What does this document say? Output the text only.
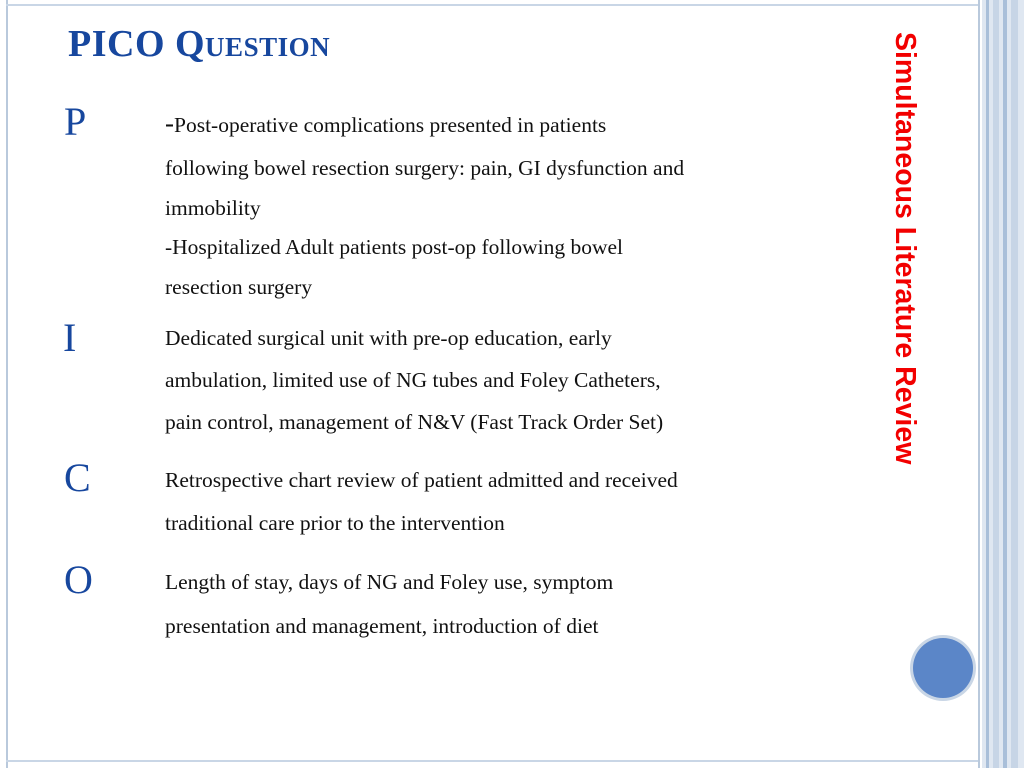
PICO Question
P	-Post-operative complications presented in patients
following bowel resection surgery: pain, GI dysfunction and
immobility
-Hospitalized Adult patients post-op following bowel
resection surgery
I	Dedicated surgical unit with pre-op education, early
ambulation, limited use of NG tubes and Foley Catheters,
pain control, management of N&V (Fast Track Order Set)
C	Retrospective chart review of patient admitted and received
traditional care prior to the intervention
O	Length of stay, days of NG and Foley use, symptom
presentation and management, introduction of diet
Simultaneous Literature Review
